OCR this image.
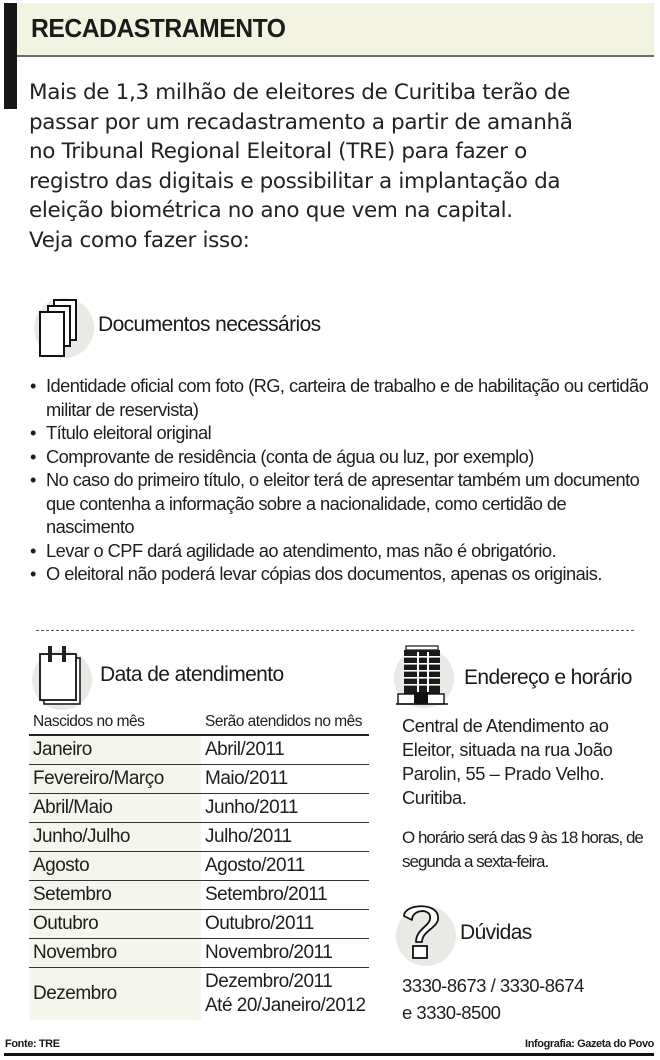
RECADASTRAMENTO
Mais de 1,3 milhão de eleitores de Curitiba terão de
passar por um recadastramento a partir de amanhã
no Tribunal Regional Eleitoral (TRE) para fazer o
registro das digitais e possibilitar a implantação da
eleição biométrica no ano que vem na capital.
Veja como fazer isso:
Documentos necessários
• Identidade oficial com foto (RG, carteira de trabalho e de habilitação ou certidão militar de reservista)
• Título eleitoral original
• Comprovante de residência (conta de água ou luz, por exemplo)
• No caso do primeiro título, o eleitor terá de apresentar também um documento que contenha a informação sobre a nacionalidade, como certidão de nascimento
• Levar o CPF dará agilidade ao atendimento, mas não é obrigatório.
• O eleitoral não poderá levar cópias dos documentos, apenas os originais.
Data de atendimento
Nascidos no mês	Serão atendidos no mês
Janeiro	Abril/2011
Fevereiro/Março	Maio/2011
Abril/Maio	Junho/2011
Junho/Julho	Julho/2011
Agosto	Agosto/2011
Setembro	Setembro/2011
Outubro	Outubro/2011
Novembro	Novembro/2011
Dezembro	Dezembro/2011
Até 20/Janeiro/2012
Endereço e horário
Central de Atendimento ao Eleitor, situada na rua João Parolin, 55 – Prado Velho. Curitiba.
O horário será das 9 às 18 horas, de segunda a sexta-feira.
Dúvidas
3330-8673 / 3330-8674
e 3330-8500
Fonte: TRE	Infografia: Gazeta do Povo
